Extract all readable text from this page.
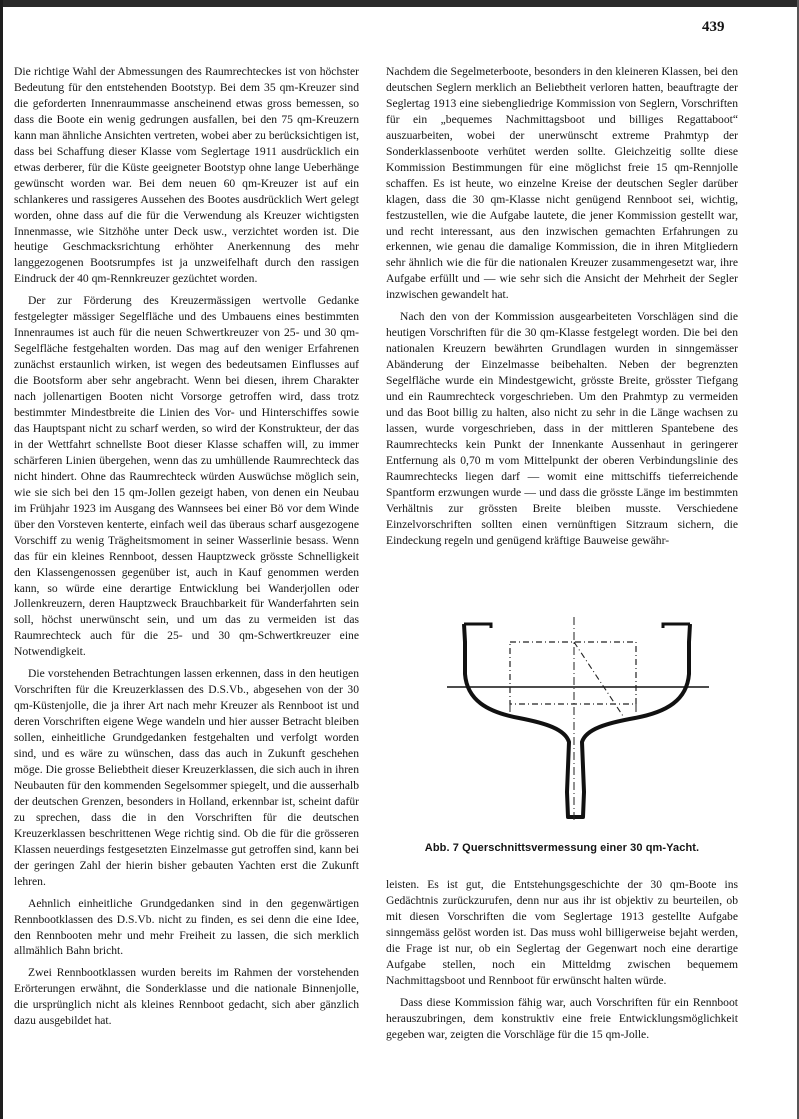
439

Die richtige Wahl der Abmessungen des Raumrechteckes ist von höchster Bedeutung für den entstehenden Bootstyp. Bei dem 35 qm-Kreuzer sind die geforderten Innenraummasse anscheinend etwas gross bemessen, so dass die Boote ein wenig gedrungen ausfallen, bei den 75 qm-Kreuzern kann man ähnliche Ansichten vertreten, wobei aber zu berücksichtigen ist, dass bei Schaffung dieser Klasse vom Seglertage 1911 ausdrücklich ein etwas derberer, für die Küste geeigneter Bootstyp ohne lange Ueberhänge gewünscht worden war. Bei dem neuen 60 qm-Kreuzer ist auf ein schlankeres und rassigeres Aussehen des Bootes ausdrücklich Wert gelegt worden, ohne dass auf die für die Verwendung als Kreuzer wichtigsten Innenmasse, wie Sitzhöhe unter Deck usw., verzichtet worden ist. Die heutige Geschmacksrichtung erhöhter Anerkennung des mehr langgezogenen Bootsrumpfes ist ja unzweifelhaft durch den rassigen Eindruck der 40 qm-Rennkreuzer gezüchtet worden.

Der zur Förderung des Kreuzermässigen wertvolle Gedanke festgelegter mässiger Segelfläche und des Umbauens eines bestimmten Innenraumes ist auch für die neuen Schwertkreuzer von 25- und 30 qm-Segelfläche festgehalten worden. Das mag auf den weniger Erfahrenen zunächst erstaunlich wirken, ist wegen des bedeutsamen Einflusses auf die Bootsform aber sehr angebracht. Wenn bei diesen, ihrem Charakter nach jollenartigen Booten nicht Vorsorge getroffen wird, dass trotz bestimmter Mindestbreite die Linien des Vor- und Hinterschiffes sowie das Hauptspant nicht zu scharf werden, so wird der Konstrukteur, der das in der Wettfahrt schnellste Boot dieser Klasse schaffen will, zu immer schärferen Linien übergehen, wenn das zu umhüllende Raumrechteck das nicht hindert. Ohne das Raumrechteck würden Auswüchse möglich sein, wie sie sich bei den 15 qm-Jollen gezeigt haben, von denen ein Neubau im Frühjahr 1923 im Ausgang des Wannsees bei einer Bö vor dem Winde über den Vorsteven kenterte, einfach weil das überaus scharf ausgezogene Vorschiff zu wenig Trägheitsmoment in seiner Wasserlinie besass. Wenn das für ein kleines Rennboot, dessen Hauptzweck grösste Schnelligkeit den Klassengenossen gegenüber ist, auch in Kauf genommen werden kann, so würde eine derartige Entwicklung bei Wanderjollen oder Jollenkreuzern, deren Hauptzweck Brauchbarkeit für Wanderfahrten sein soll, höchst unerwünscht sein, und um das zu vermeiden ist das Raumrechteck auch für die 25- und 30 qm-Schwertkreuzer eine Notwendigkeit.

Die vorstehenden Betrachtungen lassen erkennen, dass in den heutigen Vorschriften für die Kreuzerklassen des D.S.Vb., abgesehen von der 30 qm-Küstenjolle, die ja ihrer Art nach mehr Kreuzer als Rennboot ist und deren Vorschriften eigene Wege wandeln und hier ausser Betracht bleiben sollen, einheitliche Grundgedanken festgehalten und verfolgt worden sind, und es wäre zu wünschen, dass das auch in Zukunft geschehen möge. Die grosse Beliebtheit dieser Kreuzerklassen, die sich auch in ihren Neubauten für den kommenden Segelsommer spiegelt, und die ausserhalb der deutschen Grenzen, besonders in Holland, erkennbar ist, scheint dafür zu sprechen, dass die in den Vorschriften für die deutschen Kreuzerklassen beschrittenen Wege richtig sind. Ob die für die grösseren Klassen neuerdings festgesetzten Einzelmasse gut getroffen sind, kann bei der geringen Zahl der hierin bisher gebauten Yachten erst die Zukunft lehren.

Aehnlich einheitliche Grundgedanken sind in den gegenwärtigen Rennbootklassen des D.S.Vb. nicht zu finden, es sei denn die eine Idee, den Rennbooten mehr und mehr Freiheit zu lassen, die sich merklich allmählich Bahn bricht.

Zwei Rennbootklassen wurden bereits im Rahmen der vorstehenden Erörterungen erwähnt, die Sonderklasse und die nationale Binnenjolle, die ursprünglich nicht als kleines Rennboot gedacht, sich aber gänzlich dazu ausgebildet hat.

Nachdem die Segelmeterboote, besonders in den kleineren Klassen, bei den deutschen Seglern merklich an Beliebtheit verloren hatten, beauftragte der Seglertag 1913 eine siebengliedrige Kommission von Seglern, Vorschriften für ein „bequemes Nachmittagsboot und billiges Regattaboot“ auszuarbeiten, wobei der unerwünscht extreme Prahmtyp der Sonderklassenboote verhütet werden sollte. Gleichzeitig sollte diese Kommission Bestimmungen für eine möglichst freie 15 qm-Rennjolle schaffen. Es ist heute, wo einzelne Kreise der deutschen Segler darüber klagen, dass die 30 qm-Klasse nicht genügend Rennboot sei, wichtig, festzustellen, wie die Aufgabe lautete, die jener Kommission gestellt war, und recht interessant, aus den inzwischen gemachten Erfahrungen zu erkennen, wie genau die damalige Kommission, die in ihren Mitgliedern sehr ähnlich wie die für die nationalen Kreuzer zusammengesetzt war, ihre Aufgabe erfüllt und — wie sehr sich die Ansicht der Mehrheit der Segler inzwischen gewandelt hat.

Nach den von der Kommission ausgearbeiteten Vorschlägen sind die heutigen Vorschriften für die 30 qm-Klasse festgelegt worden. Die bei den nationalen Kreuzern bewährten Grundlagen wurden in sinngemässer Abänderung der Einzelmasse beibehalten. Neben der begrenzten Segelfläche wurde ein Mindestgewicht, grösste Breite, grösster Tiefgang und ein Raumrechteck vorgeschrieben. Um den Prahmtyp zu vermeiden und das Boot billig zu halten, also nicht zu sehr in die Länge wachsen zu lassen, wurde vorgeschrieben, dass in der mittleren Spantebene des Raumrechtecks kein Punkt der Innenkante Aussenhaut in geringerer Entfernung als 0,70 m vom Mittelpunkt der oberen Verbindungslinie des Raumrechtecks liegen darf — womit eine mittschiffs tieferreichende Spantform erzwungen wurde — und dass die grösste Länge im bestimmten Verhältnis zur grössten Breite bleiben musste. Verschiedene Einzelvorschriften sollten einen vernünftigen Sitzraum sichern, die Eindeckung regeln und genügend kräftige Bauweise gewähr-

Abb. 7 Querschnittsvermessung einer 30 qm-Yacht.

leisten. Es ist gut, die Entstehungsgeschichte der 30 qm-Boote ins Gedächtnis zurückzurufen, denn nur aus ihr ist objektiv zu beurteilen, ob mit diesen Vorschriften die vom Seglertage 1913 gestellte Aufgabe sinngemäss gelöst worden ist. Das muss wohl billigerweise bejaht werden, die Frage ist nur, ob ein Seglertag der Gegenwart noch eine derartige Aufgabe stellen, noch ein Mitteldmg zwischen bequemem Nachmittagsboot und Rennboot für erwünscht halten würde.

Dass diese Kommission fähig war, auch Vorschriften für ein Rennboot herauszubringen, dem konstruktiv eine freie Entwicklungsmöglichkeit gegeben war, zeigten die Vorschläge für die 15 qm-Jolle.
